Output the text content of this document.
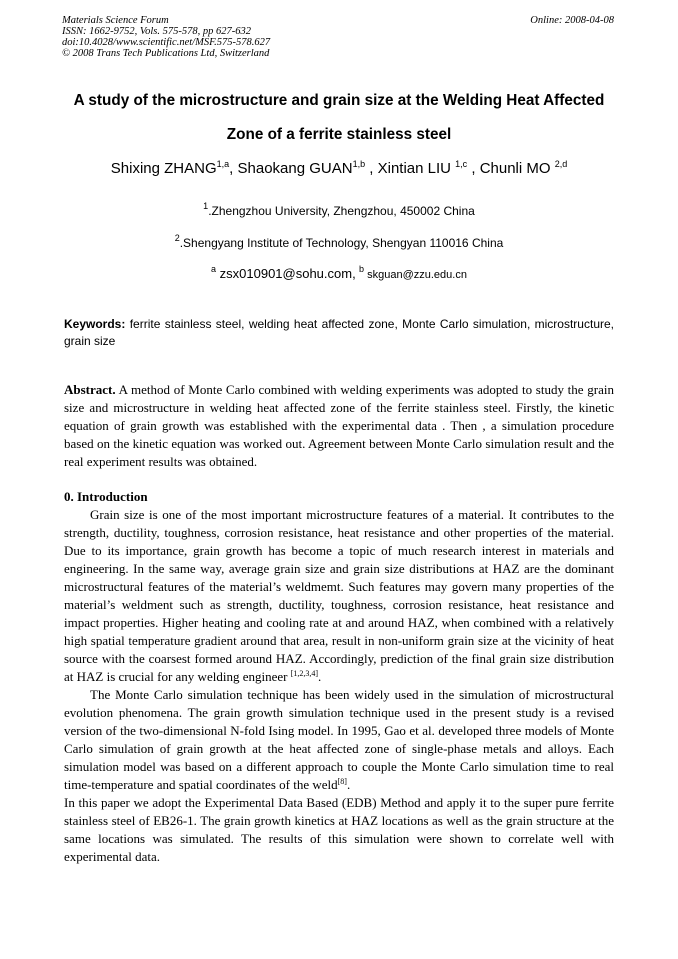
Materials Science Forum
ISSN: 1662-9752, Vols. 575-578, pp 627-632
doi:10.4028/www.scientific.net/MSF.575-578.627
© 2008 Trans Tech Publications Ltd, Switzerland
Online: 2008-04-08
A study of the microstructure and grain size at the Welding Heat Affected
Zone of a ferrite stainless steel
Shixing ZHANG$^{1,a}$, Shaokang GUAN$^{1,b}$ , Xintian LIU $^{1,c}$ , Chunli MO $^{2,d}$
$^1$.Zhengzhou University, Zhengzhou, 450002 China
$^2$.Shengyang Institute of Technology, Shengyan 110016 China
$^a$ zsx010901@sohu.com, $^b$ skguan@zzu.edu.cn
Keywords: ferrite stainless steel, welding heat affected zone, Monte Carlo simulation, microstructure, grain size

Abstract. A method of Monte Carlo combined with welding experiments was adopted to study the grain size and microstructure in welding heat affected zone of the ferrite stainless steel. Firstly, the kinetic equation of grain growth was established with the experimental data . Then , a simulation procedure based on the kinetic equation was worked out. Agreement between Monte Carlo simulation result and the real experiment results was obtained.

0. Introduction

Grain size is one of the most important microstructure features of a material. It contributes to the strength, ductility, toughness, corrosion resistance, heat resistance and other properties of the material. Due to its importance, grain growth has become a topic of much research interest in materials and engineering. In the same way, average grain size and grain size distributions at HAZ are the dominant microstructural features of the material’s weldmemt. Such features may govern many properties of the material’s weldment such as strength, ductility, toughness, corrosion resistance, heat resistance and impact properties. Higher heating and cooling rate at and around HAZ, when combined with a relatively high spatial temperature gradient around that area, result in non-uniform grain size at the vicinity of heat source with the coarsest formed around HAZ. Accordingly, prediction of the final grain size distribution at HAZ is crucial for any welding engineer [1,2,3,4].

The Monte Carlo simulation technique has been widely used in the simulation of microstructural evolution phenomena. The grain growth simulation technique used in the present study is a revised version of the two-dimensional N-fold Ising model. In 1995, Gao et al. developed three models of Monte Carlo simulation of grain growth at the heat affected zone of single-phase metals and alloys. Each simulation model was based on a different approach to couple the Monte Carlo simulation time to real time-temperature and spatial coordinates of the weld[8].

In this paper we adopt the Experimental Data Based (EDB) Method and apply it to the super pure ferrite stainless steel of EB26-1. The grain growth kinetics at HAZ locations as well as the grain structure at the same locations was simulated. The results of this simulation were shown to correlate well with experimental data.
